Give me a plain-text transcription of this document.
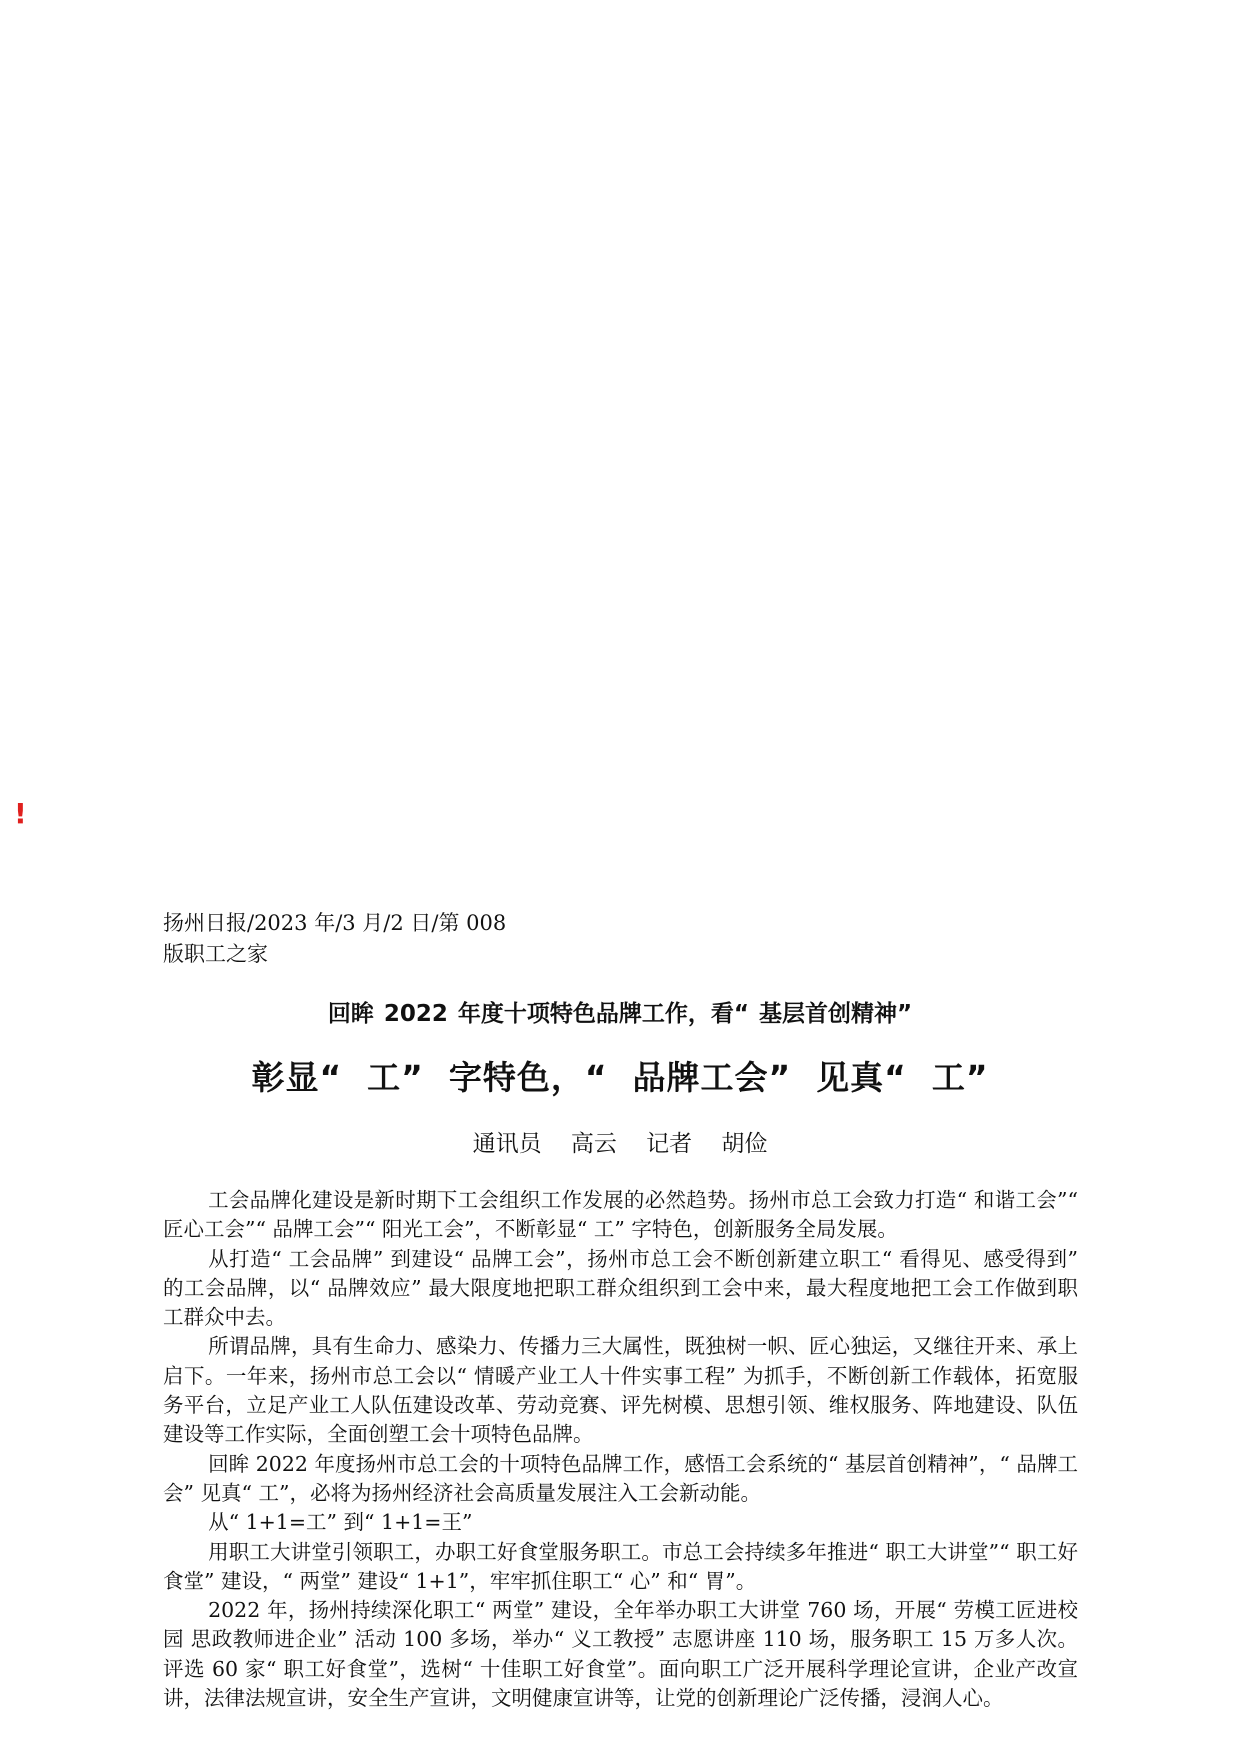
!

扬州日报/2023 年/3 月/2 日/第 008 版职工之家

回眸 2022 年度十项特色品牌工作，看“ 基层首创精神”
彰显“  工”  字特色，“  品牌工会”  见真“  工”
通讯员    高云    记者    胡俭

工会品牌化建设是新时期下工会组织工作发展的必然趋势。扬州市总工会致力打造“ 和谐工会”“ 匠心工会”“ 品牌工会”“ 阳光工会”，不断彰显“ 工” 字特色，创新服务全局发展。

从打造“ 工会品牌” 到建设“ 品牌工会”，扬州市总工会不断创新建立职工“ 看得见、感受得到” 的工会品牌，以“ 品牌效应” 最大限度地把职工群众组织到工会中来，最大程度地把工会工作做到职工群众中去。

所谓品牌，具有生命力、感染力、传播力三大属性，既独树一帜、匠心独运，又继往开来、承上启下。一年来，扬州市总工会以“ 情暖产业工人十件实事工程” 为抓手，不断创新工作载体，拓宽服务平台，立足产业工人队伍建设改革、劳动竞赛、评先树模、思想引领、维权服务、阵地建设、队伍建设等工作实际，全面创塑工会十项特色品牌。

回眸 2022 年度扬州市总工会的十项特色品牌工作，感悟工会系统的“ 基层首创精神”，“ 品牌工会” 见真“ 工”，必将为扬州经济社会高质量发展注入工会新动能。

从“ 1+1=工” 到“ 1+1=王”

用职工大讲堂引领职工，办职工好食堂服务职工。市总工会持续多年推进“ 职工大讲堂”“ 职工好食堂” 建设，“ 两堂” 建设“ 1+1”，牢牢抓住职工“ 心” 和“ 胃”。

2022 年，扬州持续深化职工“ 两堂” 建设，全年举办职工大讲堂 760 场，开展“ 劳模工匠进校园 思政教师进企业” 活动 100 多场，举办“ 义工教授” 志愿讲座 110 场，服务职工 15 万多人次。评选 60 家“ 职工好食堂”，选树“ 十佳职工好食堂”。面向职工广泛开展科学理论宣讲，企业产改宣讲，法律法规宣讲，安全生产宣讲，文明健康宣讲等，让党的创新理论广泛传播，浸润人心。
